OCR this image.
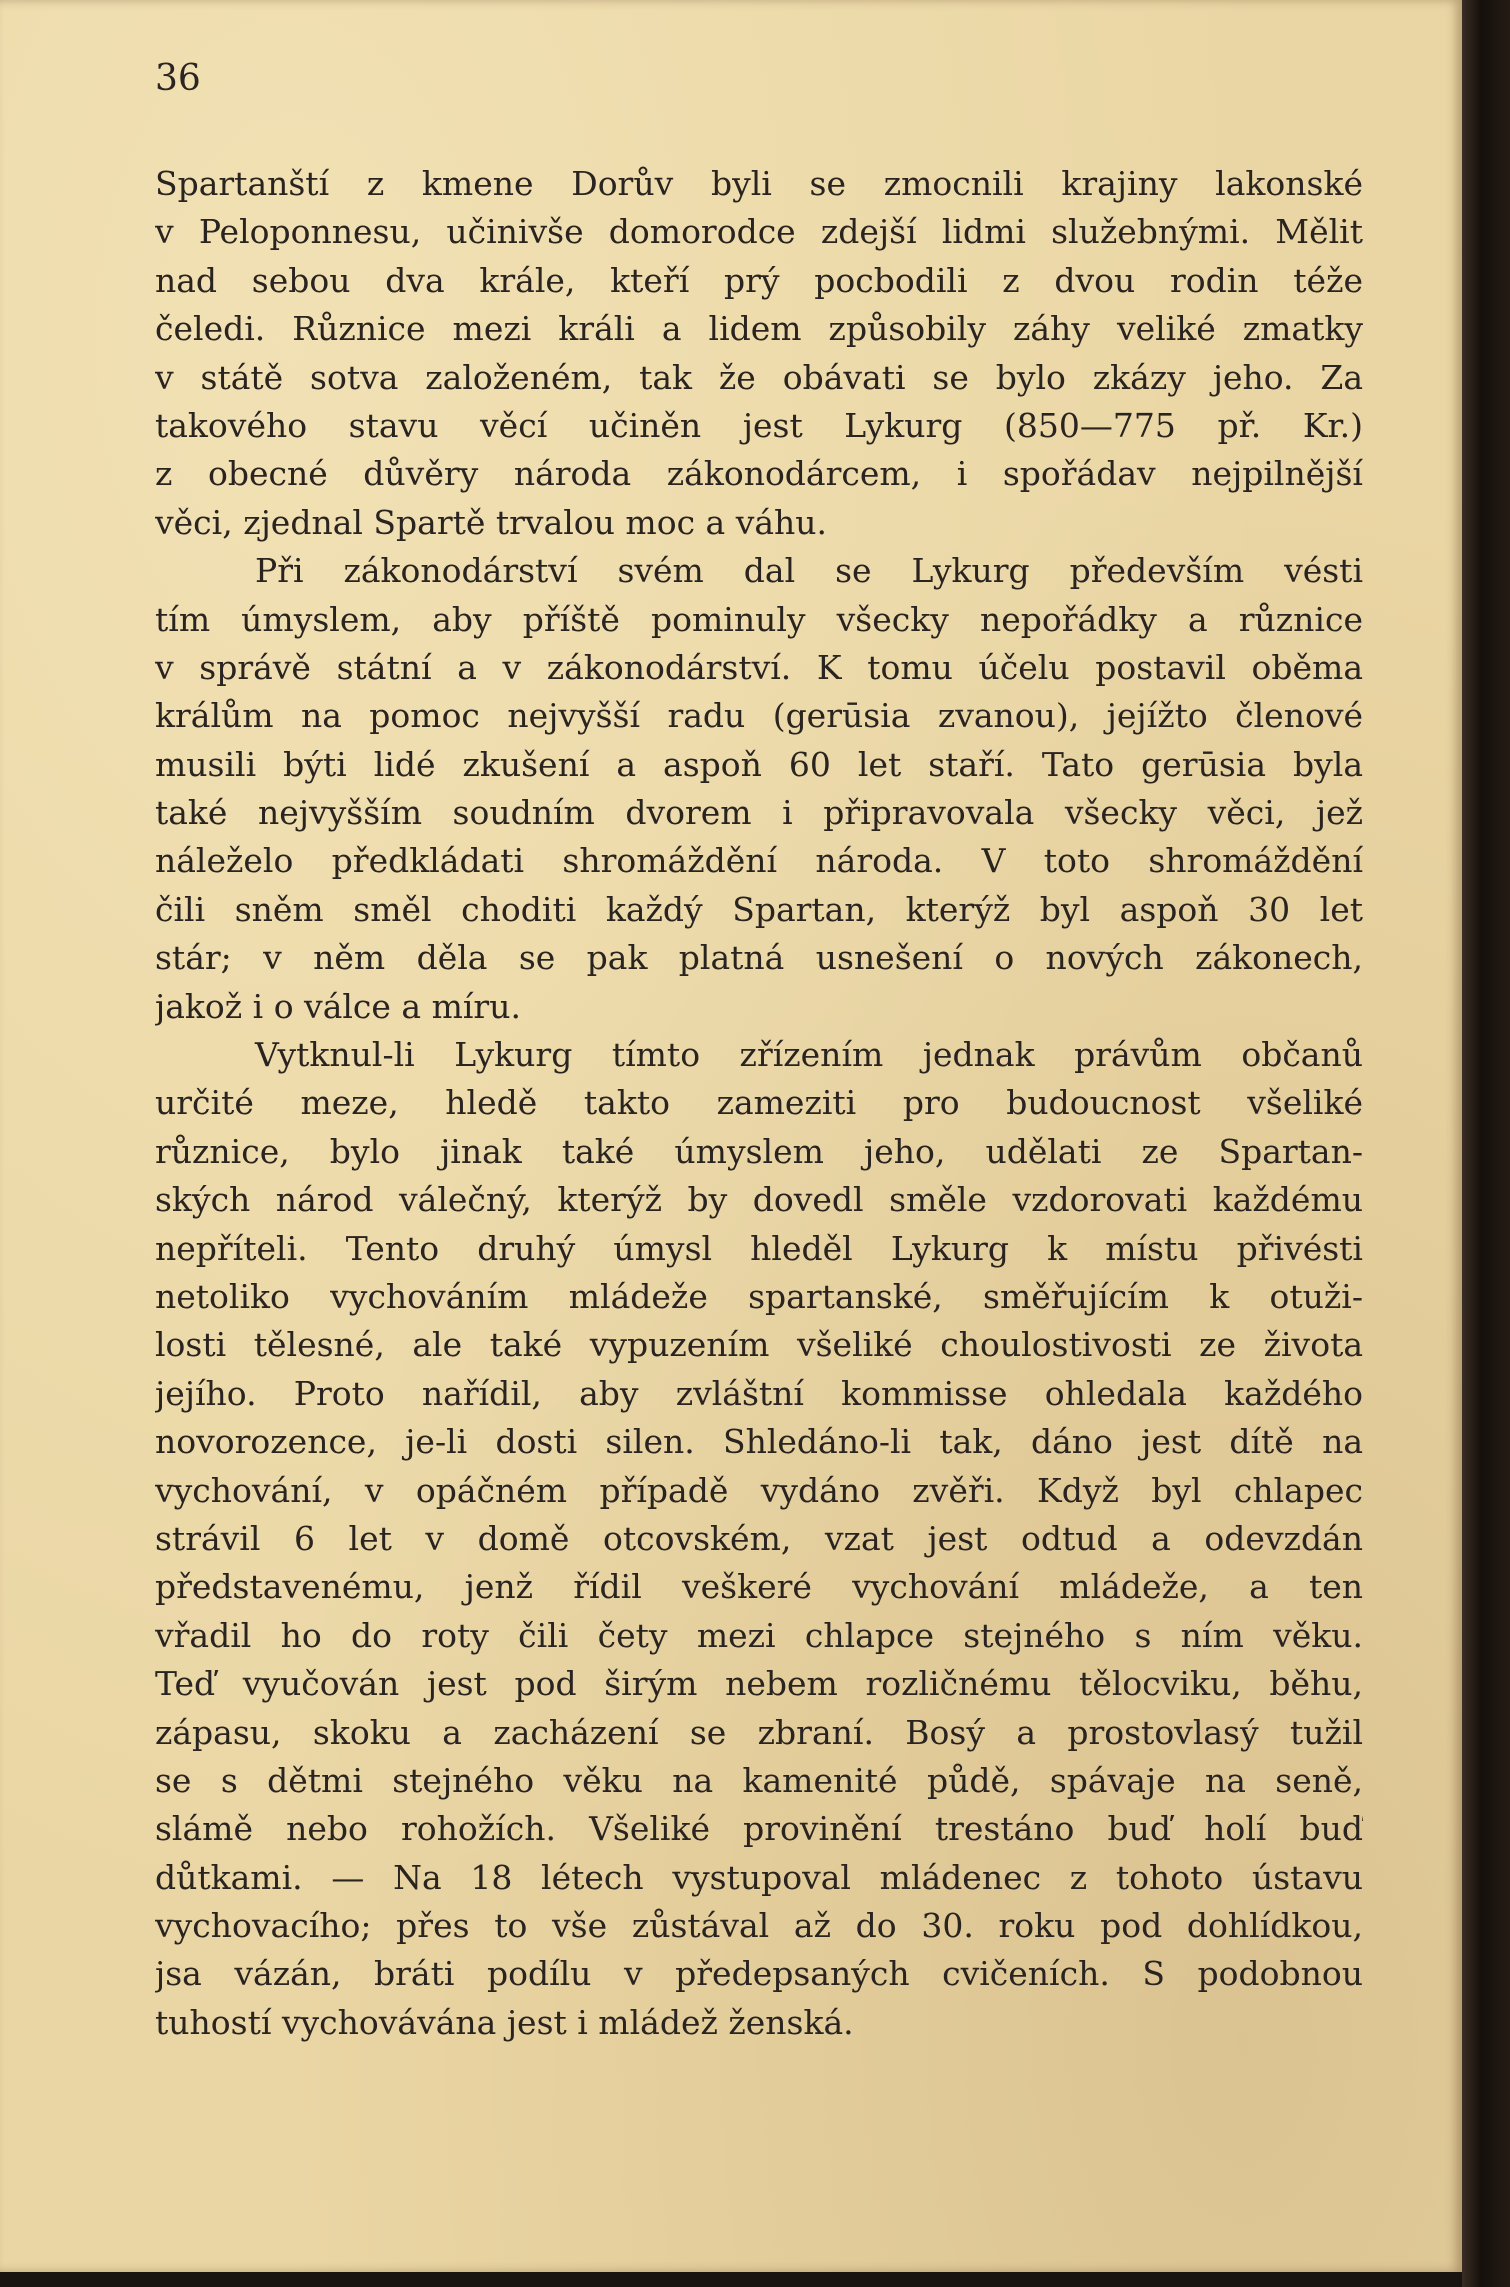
36
Spartanští z kmene Dorův byli se zmocnili krajiny lakonské
v Peloponnesu, učinivše domorodce zdejší lidmi služebnými. Mělit
nad sebou dva krále, kteří prý pocbodili z dvou rodin téže
čeledi. Různice mezi králi a lidem způsobily záhy veliké zmatky
v státě sotva založeném, tak že obávati se bylo zkázy jeho. Za
takového stavu věcí učiněn jest Lykurg (850—775 př. Kr.)
z obecné důvěry národa zákonodárcem, i spořádav nejpilnější
věci, zjednal Spartě trvalou moc a váhu.
Při zákonodárství svém dal se Lykurg především vésti
tím úmyslem, aby příště pominuly všecky nepořádky a různice
v správě státní a v zákonodárství. K tomu účelu postavil oběma
králům na pomoc nejvyšší radu (gerūsia zvanou), jejížto členové
musili býti lidé zkušení a aspoň 60 let staří. Tato gerūsia byla
také nejvyšším soudním dvorem i připravovala všecky věci, jež
náleželo předkládati shromáždění národa. V toto shromáždění
čili sněm směl choditi každý Spartan, kterýž byl aspoň 30 let
stár; v něm děla se pak platná usnešení o nových zákonech,
jakož i o válce a míru.
Vytknul-li Lykurg tímto zřízením jednak právům občanů
určité meze, hledě takto zameziti pro budoucnost všeliké
různice, bylo jinak také úmyslem jeho, udělati ze Spartan-
ských národ válečný, kterýž by dovedl směle vzdorovati každému
nepříteli. Tento druhý úmysl hleděl Lykurg k místu přivésti
netoliko vychováním mládeže spartanské, směřujícím k otuži-
losti tělesné, ale také vypuzením všeliké choulostivosti ze života
jejího. Proto nařídil, aby zvláštní kommisse ohledala každého
novorozence, je-li dosti silen. Shledáno-li tak, dáno jest dítě na
vychování, v opáčném případě vydáno zvěři. Když byl chlapec
strávil 6 let v domě otcovském, vzat jest odtud a odevzdán
představenému, jenž řídil veškeré vychování mládeže, a ten
vřadil ho do roty čili čety mezi chlapce stejného s ním věku.
Teď vyučován jest pod širým nebem rozličnému tělocviku, běhu,
zápasu, skoku a zacházení se zbraní. Bosý a prostovlasý tužil
se s dětmi stejného věku na kamenité půdě, spávaje na seně,
slámě nebo rohožích. Všeliké provinění trestáno buď holí buď
důtkami. — Na 18 létech vystupoval mládenec z tohoto ústavu
vychovacího; přes to vše zůstával až do 30. roku pod dohlídkou,
jsa vázán, bráti podílu v předepsaných cvičeních. S podobnou
tuhostí vychovávána jest i mládež ženská.
